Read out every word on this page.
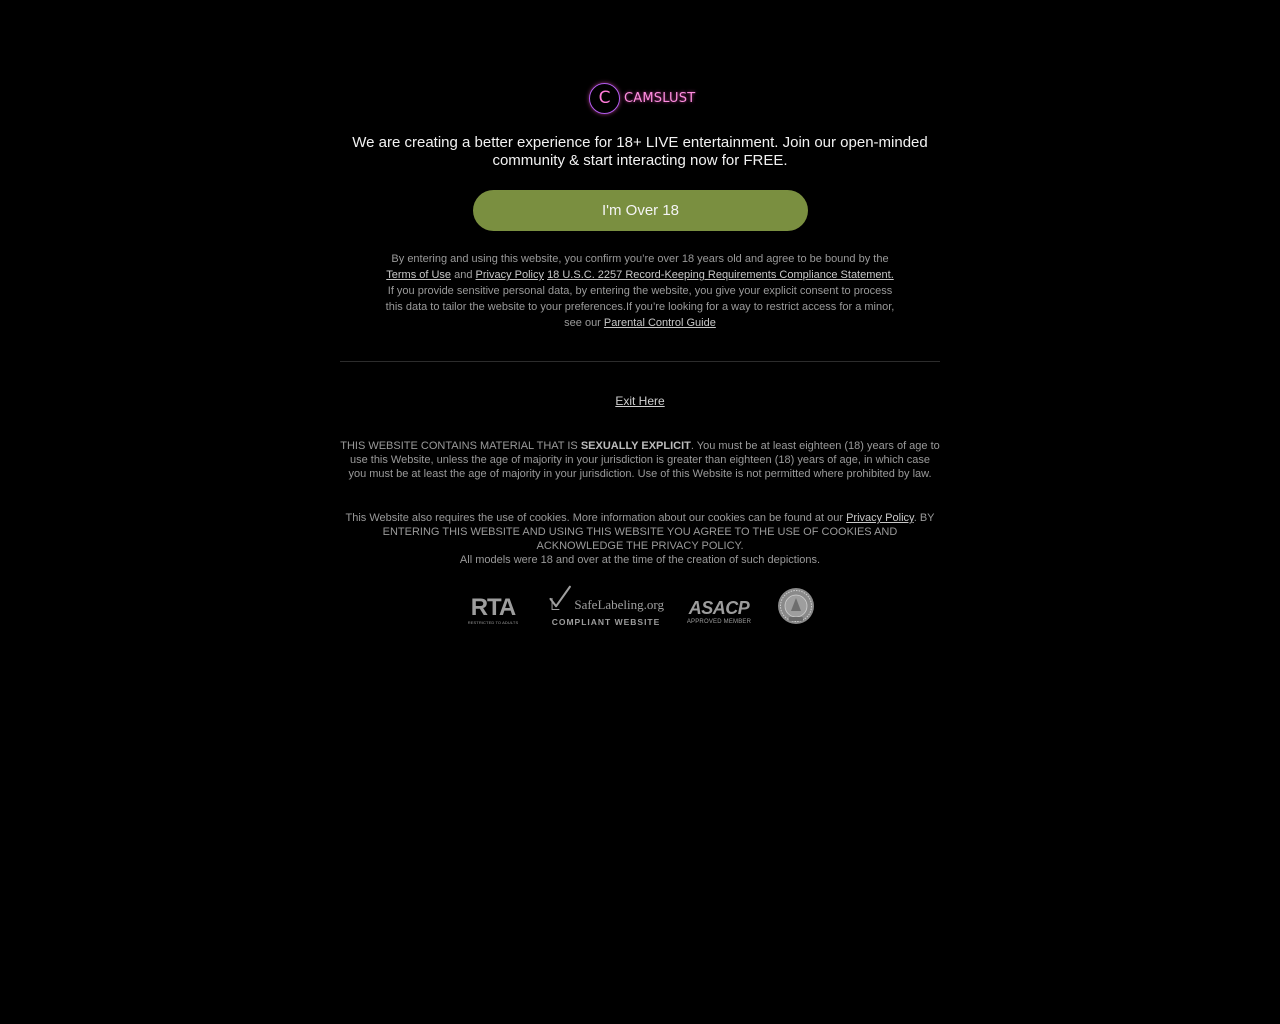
C	CAMSLUST
We are creating a better experience for 18+ LIVE entertainment. Join our open-minded
community & start interacting now for FREE.
I'm Over 18
By entering and using this website, you confirm you’re over 18 years old and agree to be bound by the
Terms of Use and Privacy Policy 18 U.S.C. 2257 Record-Keeping Requirements Compliance Statement.
If you provide sensitive personal data, by entering the website, you give your explicit consent to process
this data to tailor the website to your preferences.If you’re looking for a way to restrict access for a minor,
see our Parental Control Guide
Exit Here
THIS WEBSITE CONTAINS MATERIAL THAT IS SEXUALLY EXPLICIT. You must be at least eighteen (18) years of age to use this Website, unless the age of majority in your jurisdiction is greater than eighteen (18) years of age, in which case you must be at least the age of majority in your jurisdiction. Use of this Website is not permitted where prohibited by law.
This Website also requires the use of cookies. More information about our cookies can be found at our Privacy Policy. BY ENTERING THIS WEBSITE AND USING THIS WEBSITE YOU AGREE TO THE USE OF COOKIES AND ACKNOWLEDGE THE PRIVACY POLICY.
All models were 18 and over at the time of the creation of such depictions.
RTA
RESTRICTED TO ADULTS
SafeLabeling.org
COMPLIANT WEBSITE
ASACP
APPROVED MEMBER
